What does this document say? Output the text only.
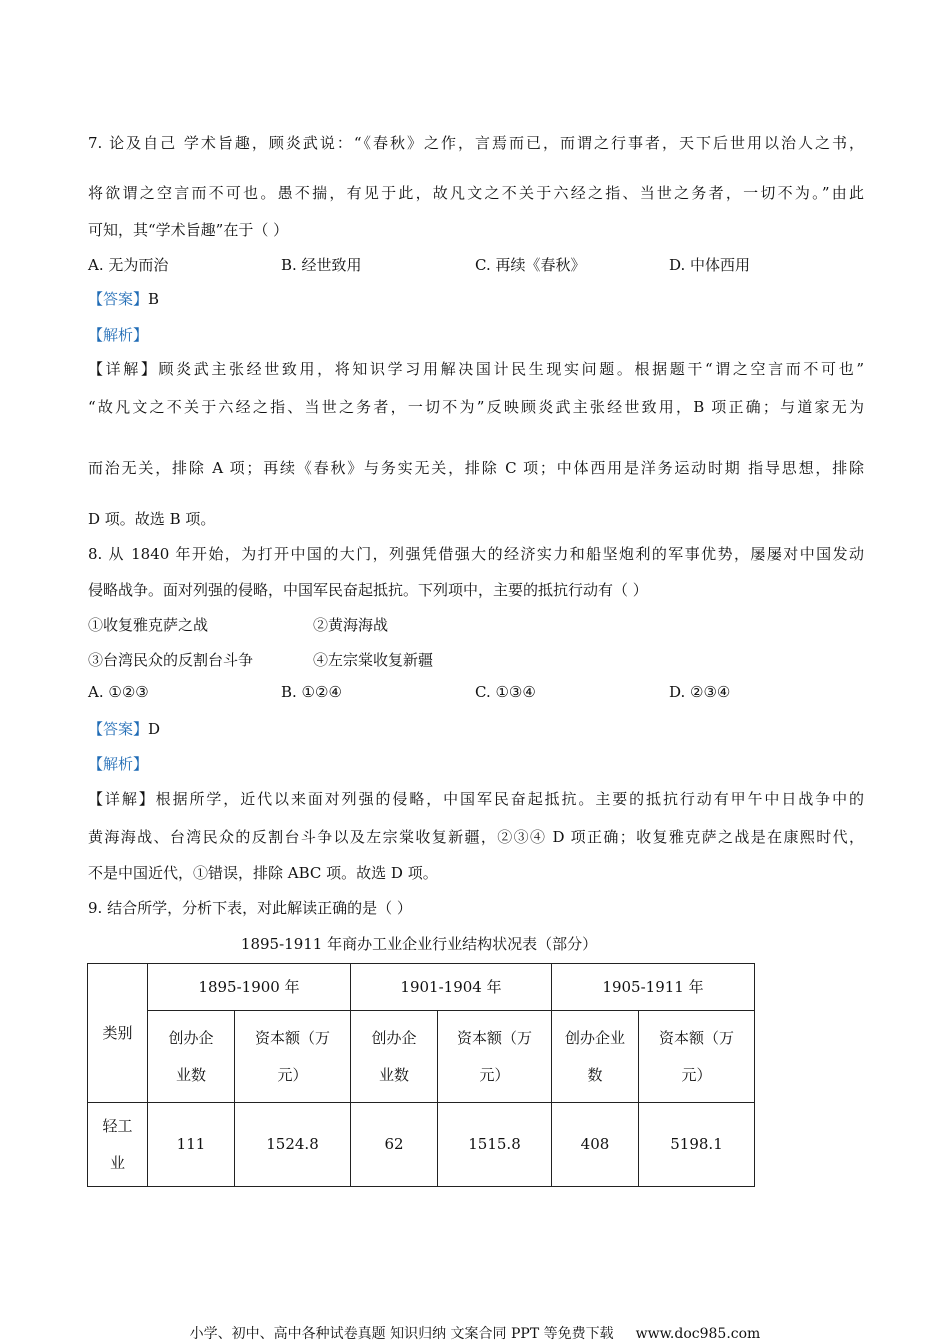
7. 论及自己 学术旨趣，顾炎武说：“《春秋》之作，言焉而已，而谓之行事者，天下后世用以治人之书，
将欲谓之空言而不可也。愚不揣，有见于此，故凡文之不关于六经之指、当世之务者，一切不为。”由此
可知，其“学术旨趣”在于（ ）
A. 无为而治	B. 经世致用	C. 再续《春秋》	D. 中体西用
【答案】B
【解析】
【详解】顾炎武主张经世致用，将知识学习用解决国计民生现实问题。根据题干“谓之空言而不可也”
“故凡文之不关于六经之指、当世之务者，一切不为”反映顾炎武主张经世致用，B 项正确；与道家无为
而治无关，排除 A 项；再续《春秋》与务实无关，排除 C 项；中体西用是洋务运动时期 指导思想，排除
D 项。故选 B 项。
8. 从 1840 年开始，为打开中国的大门，列强凭借强大的经济实力和船坚炮利的军事优势，屡屡对中国发动
侵略战争。面对列强的侵略，中国军民奋起抵抗。下列项中，主要的抵抗行动有（ ）
①收复雅克萨之战	②黄海海战
③台湾民众的反割台斗争	④左宗棠收复新疆
A. ①②③	B. ①②④	C. ①③④	D. ②③④
【答案】D
【解析】
【详解】根据所学，近代以来面对列强的侵略，中国军民奋起抵抗。主要的抵抗行动有甲午中日战争中的
黄海海战、台湾民众的反割台斗争以及左宗棠收复新疆，②③④ D 项正确；收复雅克萨之战是在康熙时代，
不是中国近代，①错误，排除 ABC 项。故选 D 项。
9. 结合所学，分析下表，对此解读正确的是（ ）
1895-1911 年商办工业企业行业结构状况表（部分）
类别	1895-1900 年		1901-1904 年		1905-1911 年	
	创办企
业数	资本额（万
元）	创办企
业数	资本额（万
元）	创办企业
数	资本额（万
元）
轻工
业	111	1524.8	62	1515.8	408	5198.1
小学、初中、高中各种试卷真题 知识归纳 文案合同 PPT 等免费下载 www.doc985.com
